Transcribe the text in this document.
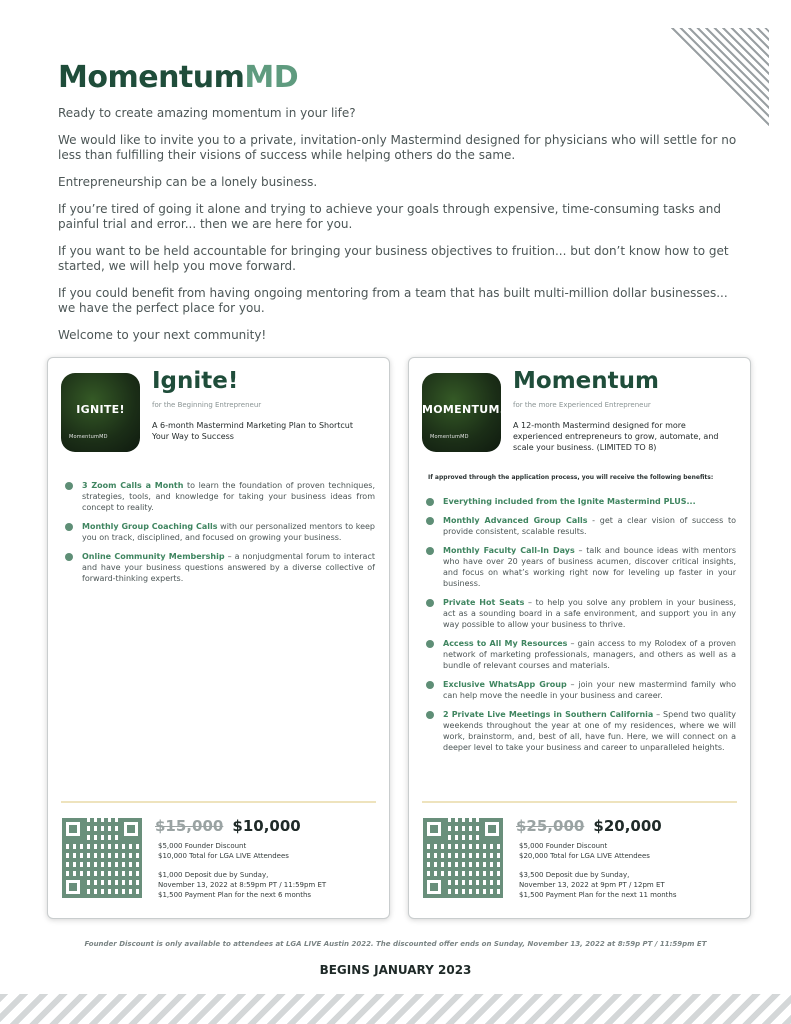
MomentumMD

Ready to create amazing momentum in your life?

We would like to invite you to a private, invitation-only Mastermind designed for physicians who will settle for no less than fulfilling their visions of success while helping others do the same.

Entrepreneurship can be a lonely business.

If you’re tired of going it alone and trying to achieve your goals through expensive, time-consuming tasks and painful trial and error... then we are here for you.

If you want to be held accountable for bringing your business objectives to fruition... but don’t know how to get started, we will help you move forward.

If you could benefit from having ongoing mentoring from a team that has built multi-million dollar businesses... we have the perfect place for you.

Welcome to your next community!

IGNITE!
MomentumMD
Ignite!
for the Beginning Entrepreneur
A 6-month Mastermind Marketing Plan to Shortcut Your Way to Success
3 Zoom Calls a Month to learn the foundation of proven techniques, strategies, tools, and knowledge for taking your business ideas from concept to reality.
Monthly Group Coaching Calls with our personalized mentors to keep you on track, disciplined, and focused on growing your business.
Online Community Membership – a nonjudgmental forum to interact and have your business questions answered by a diverse collective of forward-thinking experts.
$15,000 $10,000
$5,000 Founder Discount
$10,000 Total for LGA LIVE Attendees
$1,000 Deposit due by Sunday,
November 13, 2022 at 8:59pm PT / 11:59pm ET
$1,500 Payment Plan for the next 6 months
MOMENTUM.
MomentumMD
Momentum
for the more Experienced Entrepreneur
A 12-month Mastermind designed for more experienced entrepreneurs to grow, automate, and scale your business. (LIMITED TO 8)
If approved through the application process, you will receive the following benefits:
Everything included from the Ignite Mastermind PLUS...
Monthly Advanced Group Calls - get a clear vision of success to provide consistent, scalable results.
Monthly Faculty Call-In Days – talk and bounce ideas with mentors who have over 20 years of business acumen, discover critical insights, and focus on what’s working right now for leveling up faster in your business.
Private Hot Seats – to help you solve any problem in your business, act as a sounding board in a safe environment, and support you in any way possible to allow your business to thrive.
Access to All My Resources – gain access to my Rolodex of a proven network of marketing professionals, managers, and others as well as a bundle of relevant courses and materials.
Exclusive WhatsApp Group – join your new mastermind family who can help move the needle in your business and career.
2 Private Live Meetings in Southern California – Spend two quality weekends throughout the year at one of my residences, where we will work, brainstorm, and, best of all, have fun. Here, we will connect on a deeper level to take your business and career to unparalleled heights.
$25,000 $20,000
$5,000 Founder Discount
$20,000 Total for LGA LIVE Attendees
$3,500 Deposit due by Sunday,
November 13, 2022 at 9pm PT / 12pm ET
$1,500 Payment Plan for the next 11 months
Founder Discount is only available to attendees at LGA LIVE Austin 2022. The discounted offer ends on Sunday, November 13, 2022 at 8:59p PT / 11:59pm ET
BEGINS JANUARY 2023
